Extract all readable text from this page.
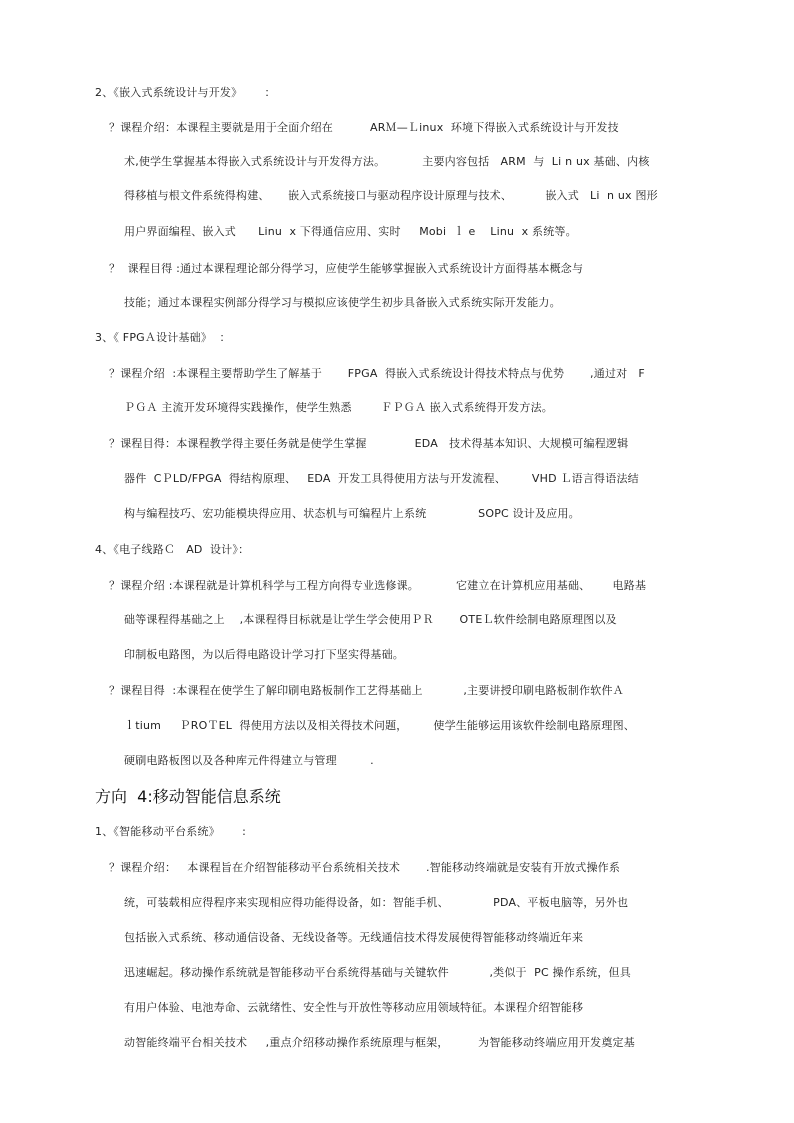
2、《嵌入式系统设计与开发》      ：
？课程介绍：本课程主要就是用于全面介绍在          ARＭ—Ｌinux  环境下得嵌入式系统设计与开发技
术,使学生掌握基本得嵌入式系统设计与开发得方法。          主要内容包括   ARM  与  Li n ux 基础、内核
得移植与根文件系统得构建、     嵌入式系统接口与驱动程序设计原理与技术、         嵌入式   Li  n ux 图形
用户界面编程、嵌入式      Linu  x 下得通信应用、实时     Mobi  ｌ e    Linu  x 系统等。
？  课程目得 :通过本课程理论部分得学习，应使学生能够掌握嵌入式系统设计方面得基本概念与
技能；通过本课程实例部分得学习与模拟应该使学生初步具备嵌入式系统实际开发能力。
3、《 FPGＡ设计基础》  ：
？课程介绍  :本课程主要帮助学生了解基于       FPGA  得嵌入式系统设计得技术特点与优势       ,通过对   F
ＰＧＡ 主流开发环境得实践操作，使学生熟悉        ＦＰＧＡ 嵌入式系统得开发方法。
？课程目得：本课程教学得主要任务就是使学生掌握             EDA   技术得基本知识、大规模可编程逻辑
器件  CＰLD/FPGA  得结构原理、   EDA  开发工具得使用方法与开发流程、       VHD Ｌ语言得语法结
构与编程技巧、宏功能模块得应用、状态机与可编程片上系统              SOPC 设计及应用。
4、《电子线路Ｃ   AD  设计》：
？课程介绍 :本课程就是计算机科学与工程方向得专业选修课。          它建立在计算机应用基础、      电路基
础等课程得基础之上    ,本课程得目标就是让学生学会使用ＰＲ       OTEＬ软件绘制电路原理图以及
印制板电路图，为以后得电路设计学习打下坚实得基础。
？课程目得  :本课程在使学生了解印刷电路板制作工艺得基础上           ,主要讲授印刷电路板制作软件Ａ
ｌtium     ＰROＴEL  得使用方法以及相关得技术问题，       使学生能够运用该软件绘制电路原理图、
硬刷电路板图以及各种库元件得建立与管理         .
方向  4:移动智能信息系统
1、《智能移动平台系统》      :
？课程介绍：   本课程旨在介绍智能移动平台系统相关技术       .智能移动终端就是安装有开放式操作系
统，可装载相应得程序来实现相应得功能得设备，如：智能手机、            PDA、平板电脑等，另外也
包括嵌入式系统、移动通信设备、无线设备等。无线通信技术得发展使得智能移动终端近年来
迅速崛起。移动操作系统就是智能移动平台系统得基础与关键软件           ,类似于  PC 操作系统，但具
有用户体验、电池寿命、云就绪性、安全性与开放性等移动应用领域特征。本课程介绍智能移
动智能终端平台相关技术     ,重点介绍移动操作系统原理与框架，        为智能移动终端应用开发奠定基
